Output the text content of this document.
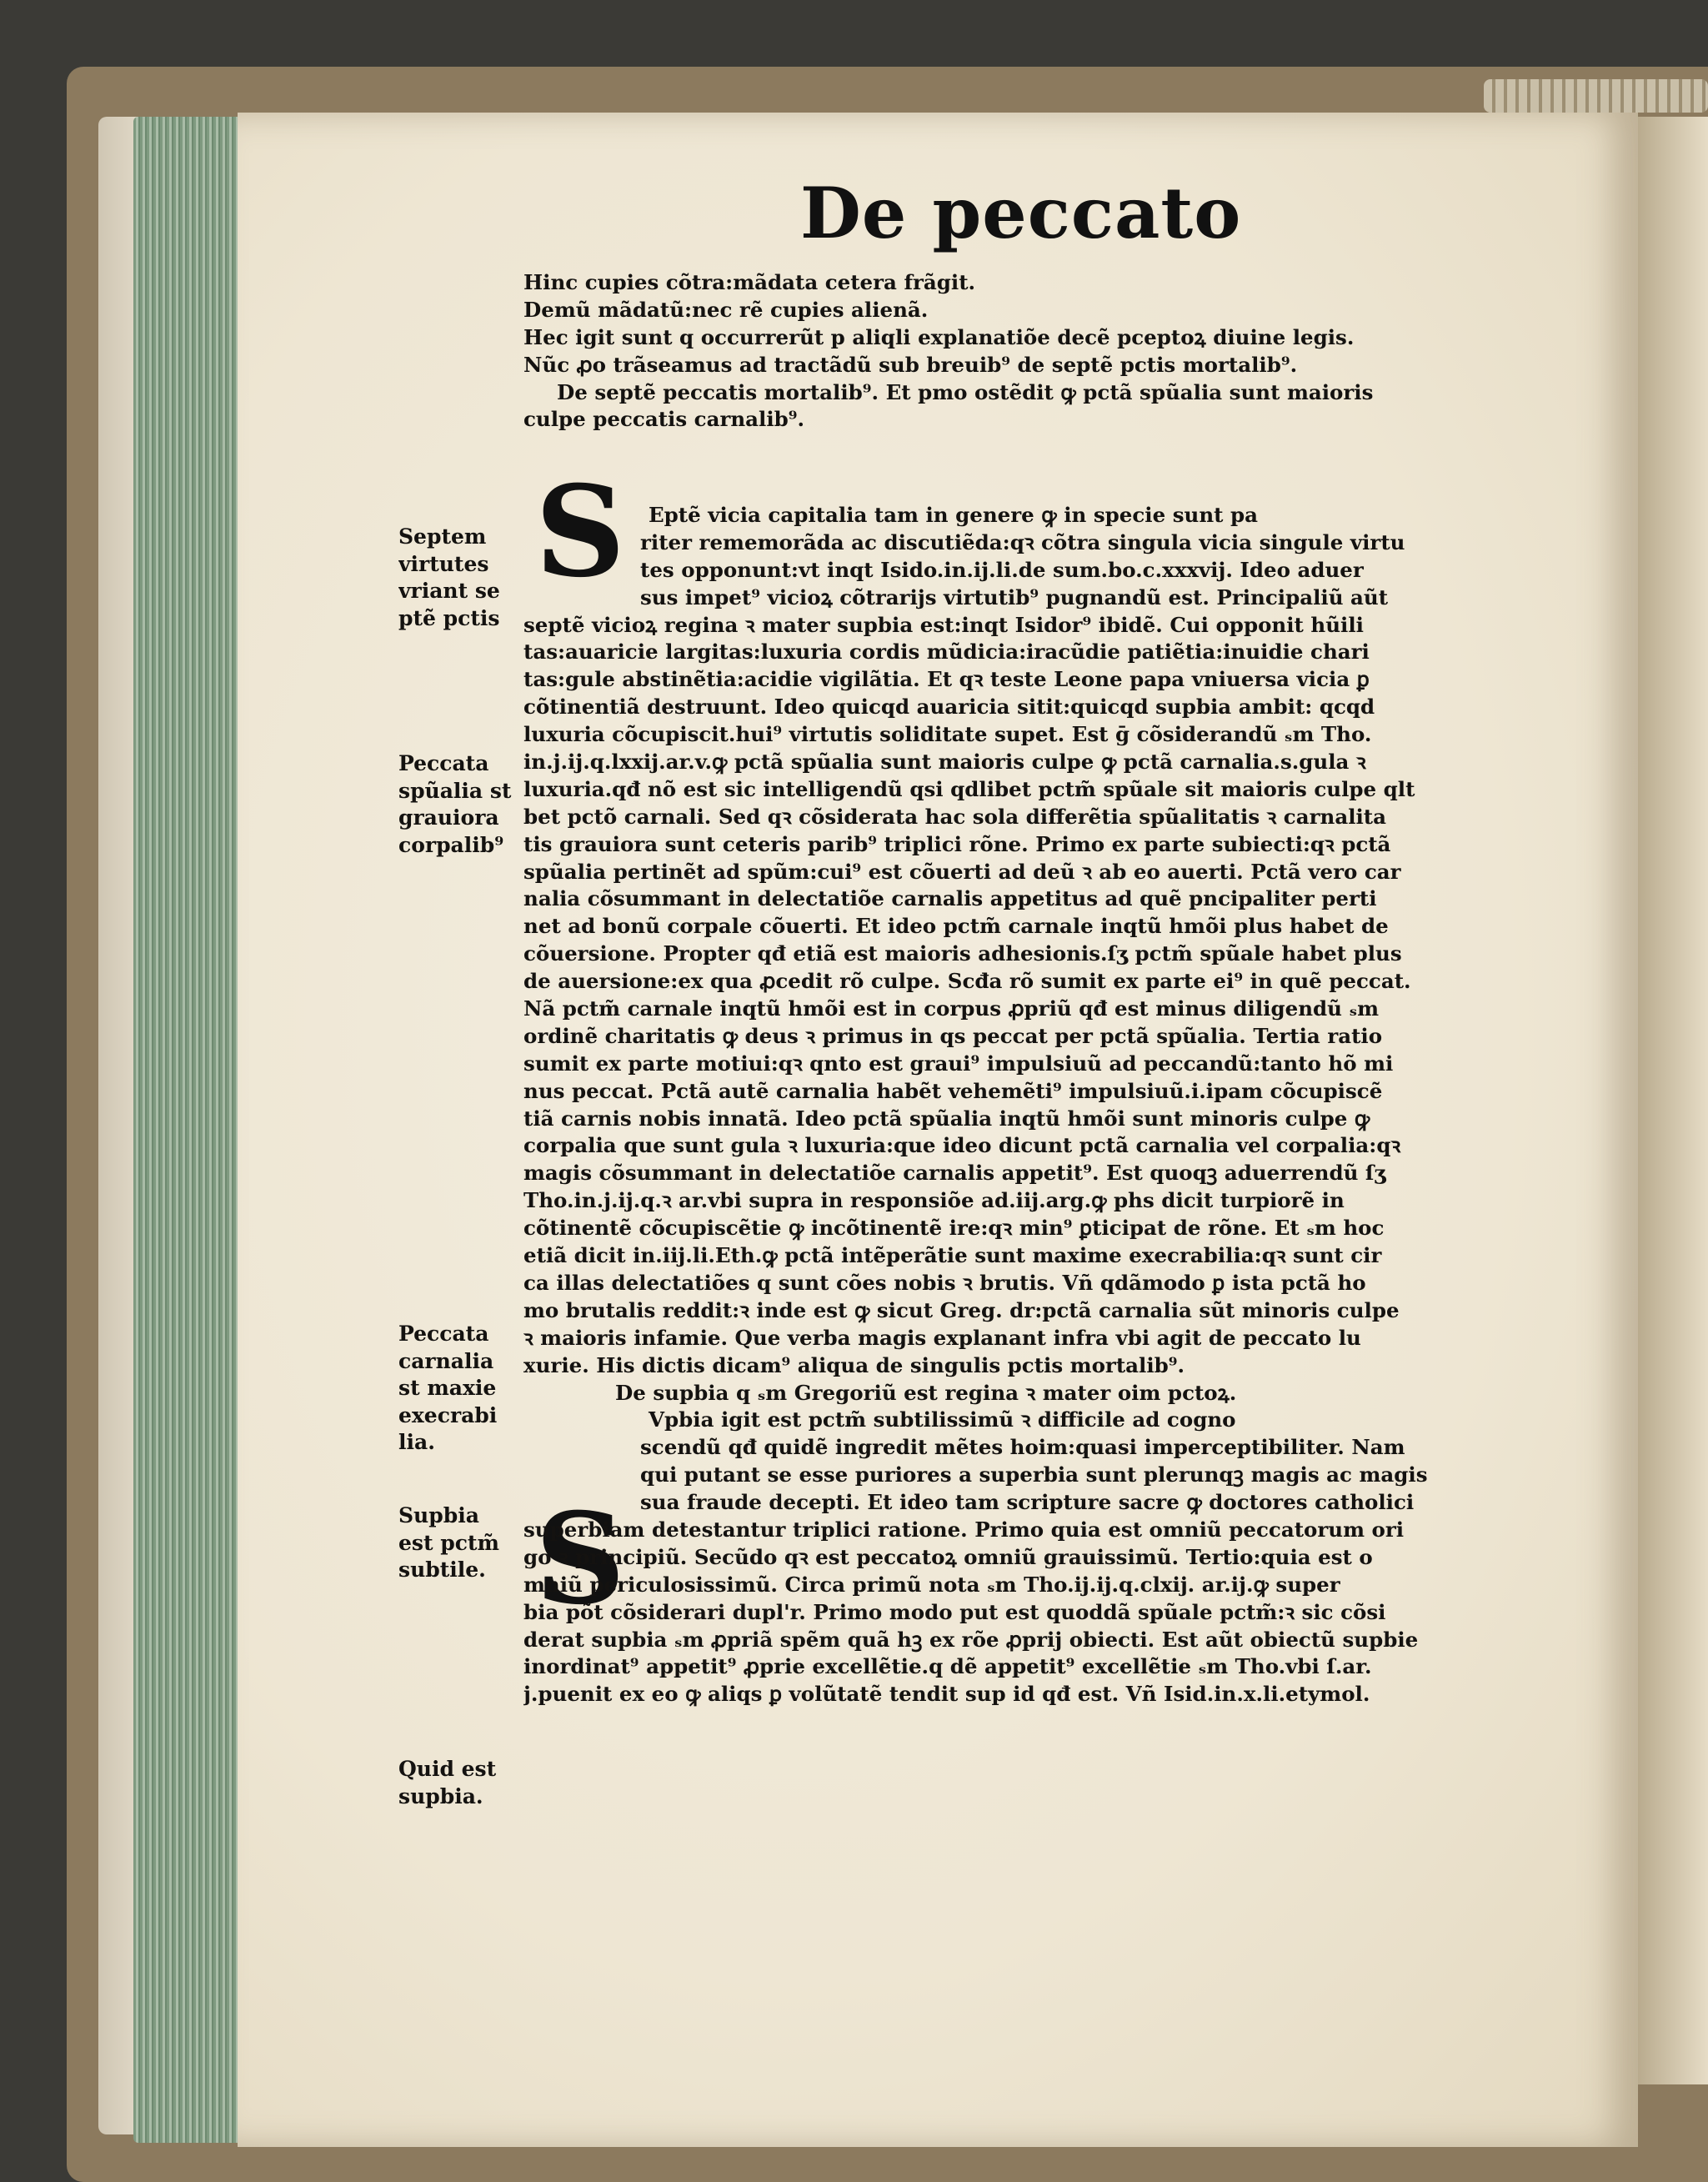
De peccato
Hinc cupies cõtra:mãdata cetera frãgit.
Demũ mãdatũ:nec rẽ cupies alienã.
Hec igit sunt q occurrerũt p aliqli explanatiõe decẽ pceptoꝝ diuine legis.
Nũc ꝓo trãseamus ad tractãdũ sub breuib⁹ de septẽ pctis mortalib⁹.
De septẽ peccatis mortalib⁹. Et pmo ostẽdit ꝙ pctã spũalia sunt maioris
culpe peccatis carnalib⁹.
S
S
Eptẽ vicia capitalia tam in genere ꝙ in specie sunt pa
riter rememorãda ac discutiẽda:qꝛ cõtra singula vicia singule virtu
tes opponunt:vt inqt Isido.in.ij.li.de sum.bo.c.xxxvij. Ideo aduer
sus impet⁹ vicioꝝ cõtrarijs virtutib⁹ pugnandũ est. Principaliũ aũt
septẽ vicioꝝ regina ꝛ mater supbia est:inqt Isidor⁹ ibidẽ. Cui opponit hũili
tas:auaricie largitas:luxuria cordis mũdicia:iracũdie patiẽtia:inuidie chari
tas:gule abstinẽtia:acidie vigilãtia. Et qꝛ teste Leone papa vniuersa vicia ꝑ
cõtinentiã destruunt. Ideo quicqd auaricia sitit:quicqd supbia ambit: qcqd
luxuria cõcupiscit.hui⁹ virtutis soliditate supet. Est ḡ cõsiderandũ ₛm Tho.
in.j.ij.q.lxxij.ar.v.ꝙ pctã spũalia sunt maioris culpe ꝙ pctã carnalia.s.gula ꝛ
luxuria.qđ nõ est sic intelligendũ qsi qdlibet pctm̃ spũale sit maioris culpe qlt
bet pctõ carnali. Sed qꝛ cõsiderata hac sola differẽtia spũalitatis ꝛ carnalita
tis grauiora sunt ceteris parib⁹ triplici rõne. Primo ex parte subiecti:qꝛ pctã
spũalia pertinẽt ad spũm:cui⁹ est cõuerti ad deũ ꝛ ab eo auerti. Pctã vero car
nalia cõsummant in delectatiõe carnalis appetitus ad quẽ pncipaliter perti
net ad bonũ corpale cõuerti. Et ideo pctm̃ carnale inqtũ hmõi plus habet de
cõuersione. Propter qđ etiã est maioris adhesionis.ſʒ pctm̃ spũale habet plus
de auersione:ex qua ꝓcedit rõ culpe. Scđa rõ sumit ex parte ei⁹ in quẽ peccat.
Nã pctm̃ carnale inqtũ hmõi est in corpus ꝓpriũ qđ est minus diligendũ ₛm
ordinẽ charitatis ꝙ deus ꝛ primus in qs peccat per pctã spũalia. Tertia ratio
sumit ex parte motiui:qꝛ qnto est graui⁹ impulsiuũ ad peccandũ:tanto hõ mi
nus peccat. Pctã autẽ carnalia habẽt vehemẽti⁹ impulsiuũ.i.ipam cõcupiscẽ
tiã carnis nobis innatã. Ideo pctã spũalia inqtũ hmõi sunt minoris culpe ꝙ
corpalia que sunt gula ꝛ luxuria:que ideo dicunt pctã carnalia vel corpalia:qꝛ
magis cõsummant in delectatiõe carnalis appetit⁹. Est quoqꝫ aduerrendũ ſʒ
Tho.in.j.ij.q.ꝛ ar.vbi supra in responsiõe ad.iij.arg.ꝙ phs dicit turpiorẽ in
cõtinentẽ cõcupiscẽtie ꝙ incõtinentẽ ire:qꝛ min⁹ ꝑticipat de rõne. Et ₛm hoc
etiã dicit in.iij.li.Eth.ꝙ pctã intẽperãtie sunt maxime execrabilia:qꝛ sunt cir
ca illas delectatiões q sunt cões nobis ꝛ brutis. Vñ qdãmodo ꝑ ista pctã ho
mo brutalis reddit:ꝛ inde est ꝙ sicut Greg. dr:pctã carnalia sũt minoris culpe
ꝛ maioris infamie. Que verba magis explanant infra vbi agit de peccato lu
xurie. His dictis dicam⁹ aliqua de singulis pctis mortalib⁹.
De supbia q ₛm Gregoriũ est regina ꝛ mater oim pctoꝝ.
Vpbia igit est pctm̃ subtilissimũ ꝛ difficile ad cogno
scendũ qđ quidẽ ingredit mẽtes hoim:quasi imperceptibiliter. Nam
qui putant se esse puriores a superbia sunt plerunqꝫ magis ac magis
sua fraude decepti. Et ideo tam scripture sacre ꝙ doctores catholici
superbiam detestantur triplici ratione. Primo quia est omniũ peccatorum ori
go ꝛ principiũ. Secũdo qꝛ est peccatoꝝ omniũ grauissimũ. Tertio:quia est o
mniũ periculosissimũ. Circa primũ nota ₛm Tho.ij.ij.q.clxij. ar.ij.ꝙ super
bia põt cõsiderari dupl'r. Primo modo put est quoddã spũale pctm̃:ꝛ sic cõsi
derat supbia ₛm ꝓpriã spẽm quã hꝫ ex rõe ꝓprij obiecti. Est aũt obiectũ supbie
inordinat⁹ appetit⁹ ꝓprie excellẽtie.q dẽ appetit⁹ excellẽtie ₛm Tho.vbi ſ.ar.
j.puenit ex eo ꝙ aliqs ꝑ volũtatẽ tendit sup id qđ est. Vñ Isid.in.x.li.etymol.
Septem
virtutes
vriant se
ptẽ pctis
Peccata
spũalia st
grauiora
corpalib⁹
Peccata
carnalia
st maxie
execrabi
lia.
Supbia
est pctm̃
subtile.
Quid est
supbia.
